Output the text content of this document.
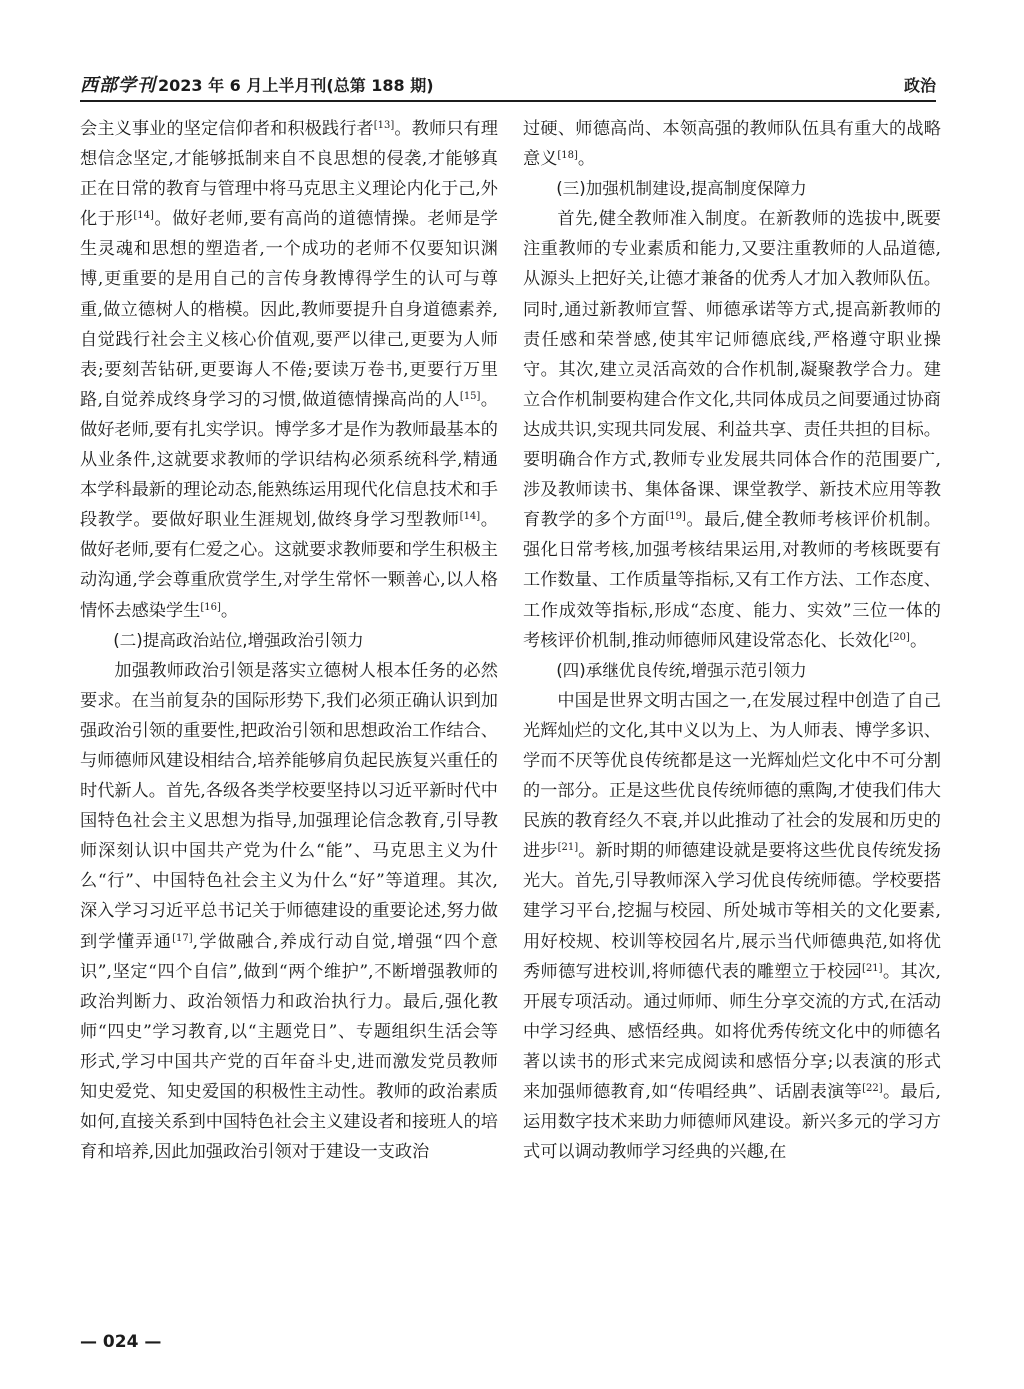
西部学刊 2023 年 6 月上半月刊(总第 188 期)	政治

会主义事业的坚定信仰者和积极践行者[13]。教师只有理想信念坚定,才能够抵制来自不良思想的侵袭,才能够真正在日常的教育与管理中将马克思主义理论内化于己,外化于形[14]。做好老师,要有高尚的道德情操。老师是学生灵魂和思想的塑造者,一个成功的老师不仅要知识渊博,更重要的是用自己的言传身教博得学生的认可与尊重,做立德树人的楷模。因此,教师要提升自身道德素养,自觉践行社会主义核心价值观,要严以律己,更要为人师表;要刻苦钻研,更要诲人不倦;要读万卷书,更要行万里路,自觉养成终身学习的习惯,做道德情操高尚的人[15]。做好老师,要有扎实学识。博学多才是作为教师最基本的从业条件,这就要求教师的学识结构必须系统科学,精通本学科最新的理论动态,能熟练运用现代化信息技术和手段教学。要做好职业生涯规划,做终身学习型教师[14]。做好老师,要有仁爱之心。这就要求教师要和学生积极主动沟通,学会尊重欣赏学生,对学生常怀一颗善心,以人格情怀去感染学生[16]。

(二)提高政治站位,增强政治引领力

加强教师政治引领是落实立德树人根本任务的必然要求。在当前复杂的国际形势下,我们必须正确认识到加强政治引领的重要性,把政治引领和思想政治工作结合、与师德师风建设相结合,培养能够肩负起民族复兴重任的时代新人。首先,各级各类学校要坚持以习近平新时代中国特色社会主义思想为指导,加强理论信念教育,引导教师深刻认识中国共产党为什么“能”、马克思主义为什么“行”、中国特色社会主义为什么“好”等道理。其次,深入学习习近平总书记关于师德建设的重要论述,努力做到学懂弄通[17],学做融合,养成行动自觉,增强“四个意识”,坚定“四个自信”,做到“两个维护”,不断增强教师的政治判断力、政治领悟力和政治执行力。最后,强化教师“四史”学习教育,以“主题党日”、专题组织生活会等形式,学习中国共产党的百年奋斗史,进而激发党员教师知史爱党、知史爱国的积极性主动性。教师的政治素质如何,直接关系到中国特色社会主义建设者和接班人的培育和培养,因此加强政治引领对于建设一支政治

过硬、师德高尚、本领高强的教师队伍具有重大的战略意义[18]。

(三)加强机制建设,提高制度保障力

首先,健全教师准入制度。在新教师的选拔中,既要注重教师的专业素质和能力,又要注重教师的人品道德,从源头上把好关,让德才兼备的优秀人才加入教师队伍。同时,通过新教师宣誓、师德承诺等方式,提高新教师的责任感和荣誉感,使其牢记师德底线,严格遵守职业操守。其次,建立灵活高效的合作机制,凝聚教学合力。建立合作机制要构建合作文化,共同体成员之间要通过协商达成共识,实现共同发展、利益共享、责任共担的目标。要明确合作方式,教师专业发展共同体合作的范围要广,涉及教师读书、集体备课、课堂教学、新技术应用等教育教学的多个方面[19]。最后,健全教师考核评价机制。强化日常考核,加强考核结果运用,对教师的考核既要有工作数量、工作质量等指标,又有工作方法、工作态度、工作成效等指标,形成“态度、能力、实效”三位一体的考核评价机制,推动师德师风建设常态化、长效化[20]。

(四)承继优良传统,增强示范引领力

中国是世界文明古国之一,在发展过程中创造了自己光辉灿烂的文化,其中义以为上、为人师表、博学多识、学而不厌等优良传统都是这一光辉灿烂文化中不可分割的一部分。正是这些优良传统师德的熏陶,才使我们伟大民族的教育经久不衰,并以此推动了社会的发展和历史的进步[21]。新时期的师德建设就是要将这些优良传统发扬光大。首先,引导教师深入学习优良传统师德。学校要搭建学习平台,挖掘与校园、所处城市等相关的文化要素,用好校规、校训等校园名片,展示当代师德典范,如将优秀师德写进校训,将师德代表的雕塑立于校园[21]。其次,开展专项活动。通过师师、师生分享交流的方式,在活动中学习经典、感悟经典。如将优秀传统文化中的师德名著以读书的形式来完成阅读和感悟分享;以表演的形式来加强师德教育,如“传唱经典”、话剧表演等[22]。最后,运用数字技术来助力师德师风建设。新兴多元的学习方式可以调动教师学习经典的兴趣,在

— 024 —
